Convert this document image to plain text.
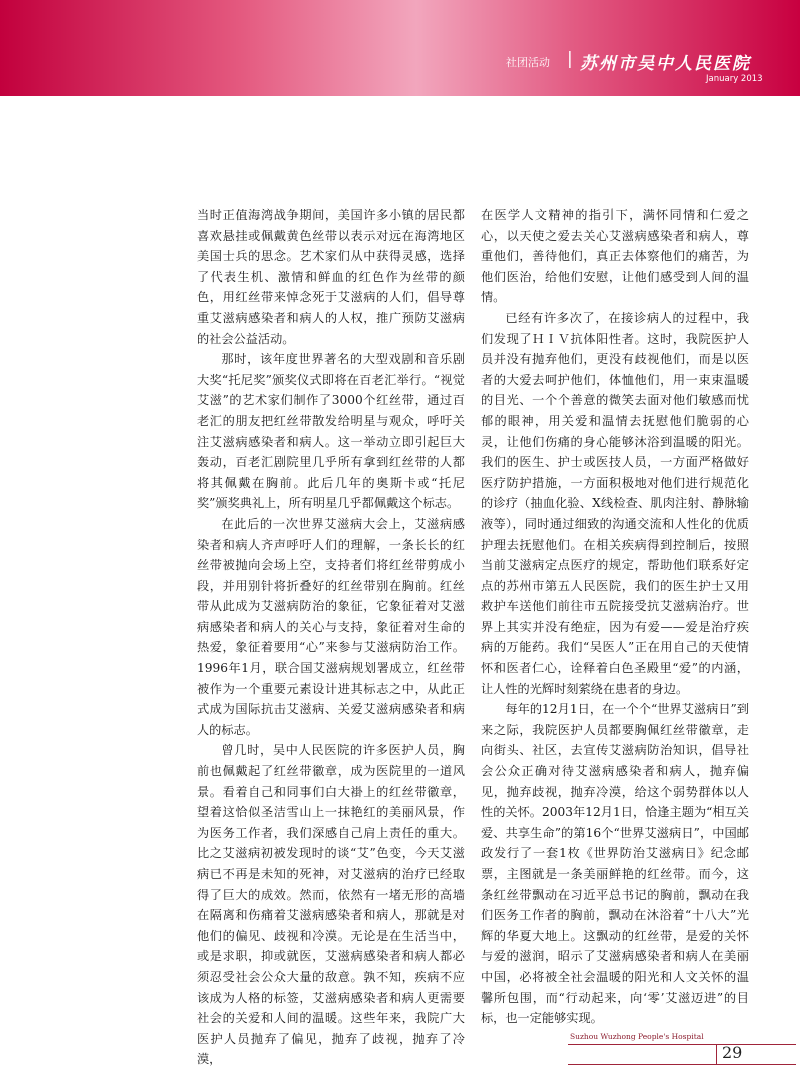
社团活动 | 苏州市吴中人民医院
January 2013

当时正值海湾战争期间，美国许多小镇的居民都喜欢悬挂或佩戴黄色丝带以表示对远在海湾地区美国士兵的思念。艺术家们从中获得灵感，选择了代表生机、激情和鲜血的红色作为丝带的颜色，用红丝带来悼念死于艾滋病的人们，倡导尊重艾滋病感染者和病人的人权，推广预防艾滋病的社会公益活动。

那时，该年度世界著名的大型戏剧和音乐剧大奖“托尼奖”颁奖仪式即将在百老汇举行。“视觉艾滋”的艺术家们制作了3000个红丝带，通过百老汇的朋友把红丝带散发给明星与观众，呼吁关注艾滋病感染者和病人。这一举动立即引起巨大轰动，百老汇剧院里几乎所有拿到红丝带的人都将其佩戴在胸前。此后几年的奥斯卡或“托尼奖”颁奖典礼上，所有明星几乎都佩戴这个标志。

在此后的一次世界艾滋病大会上，艾滋病感染者和病人齐声呼吁人们的理解，一条长长的红丝带被抛向会场上空，支持者们将红丝带剪成小段，并用别针将折叠好的红丝带别在胸前。红丝带从此成为艾滋病防治的象征，它象征着对艾滋病感染者和病人的关心与支持，象征着对生命的热爱，象征着要用“心”来参与艾滋病防治工作。1996年1月，联合国艾滋病规划署成立，红丝带被作为一个重要元素设计进其标志之中，从此正式成为国际抗击艾滋病、关爱艾滋病感染者和病人的标志。

曾几时，吴中人民医院的许多医护人员，胸前也佩戴起了红丝带徽章，成为医院里的一道风景。看着自己和同事们白大褂上的红丝带徽章，望着这恰似圣洁雪山上一抹艳红的美丽风景，作为医务工作者，我们深感自己肩上责任的重大。比之艾滋病初被发现时的谈“艾”色变，今天艾滋病已不再是未知的死神，对艾滋病的治疗已经取得了巨大的成效。然而，依然有一堵无形的高墙在隔离和伤痛着艾滋病感染者和病人，那就是对他们的偏见、歧视和冷漠。无论是在生活当中，或是求职，抑或就医，艾滋病感染者和病人都必须忍受社会公众大量的敌意。孰不知，疾病不应该成为人格的标签，艾滋病感染者和病人更需要社会的关爱和人间的温暖。这些年来，我院广大医护人员抛弃了偏见，抛弃了歧视，抛弃了冷漠，

在医学人文精神的指引下，满怀同情和仁爱之心，以天使之爱去关心艾滋病感染者和病人，尊重他们，善待他们，真正去体察他们的痛苦，为他们医治，给他们安慰，让他们感受到人间的温情。

已经有许多次了，在接诊病人的过程中，我们发现了ＨＩＶ抗体阳性者。这时，我院医护人员并没有抛弃他们，更没有歧视他们，而是以医者的大爱去呵护他们，体恤他们，用一束束温暖的目光、一个个善意的微笑去面对他们敏感而忧郁的眼神，用关爱和温情去抚慰他们脆弱的心灵，让他们伤痛的身心能够沐浴到温暖的阳光。我们的医生、护士或医技人员，一方面严格做好医疗防护措施，一方面积极地对他们进行规范化的诊疗（抽血化验、X线检查、肌肉注射、静脉输液等），同时通过细致的沟通交流和人性化的优质护理去抚慰他们。在相关疾病得到控制后，按照当前艾滋病定点医疗的规定，帮助他们联系好定点的苏州市第五人民医院，我们的医生护士又用救护车送他们前往市五院接受抗艾滋病治疗。世界上其实并没有绝症，因为有爱——爱是治疗疾病的万能药。我们“吴医人”正在用自己的天使情怀和医者仁心，诠释着白色圣殿里“爱”的内涵，让人性的光辉时刻萦绕在患者的身边。

每年的12月1日，在一个个“世界艾滋病日”到来之际，我院医护人员都要胸佩红丝带徽章，走向街头、社区，去宣传艾滋病防治知识，倡导社会公众正确对待艾滋病感染者和病人，抛弃偏见，抛弃歧视，抛弃冷漠，给这个弱势群体以人性的关怀。2003年12月1日，恰逢主题为“相互关爱、共享生命”的第16个“世界艾滋病日”，中国邮政发行了一套1枚《世界防治艾滋病日》纪念邮票，主图就是一条美丽鲜艳的红丝带。而今，这条红丝带飘动在习近平总书记的胸前，飘动在我们医务工作者的胸前，飘动在沐浴着“十八大”光辉的华夏大地上。这飘动的红丝带，是爱的关怀与爱的滋润，昭示了艾滋病感染者和病人在美丽中国，必将被全社会温暖的阳光和人文关怀的温馨所包围，而“行动起来，向‘零’艾滋迈进”的目标，也一定能够实现。

Suzhou Wuzhong People's Hospital
29
